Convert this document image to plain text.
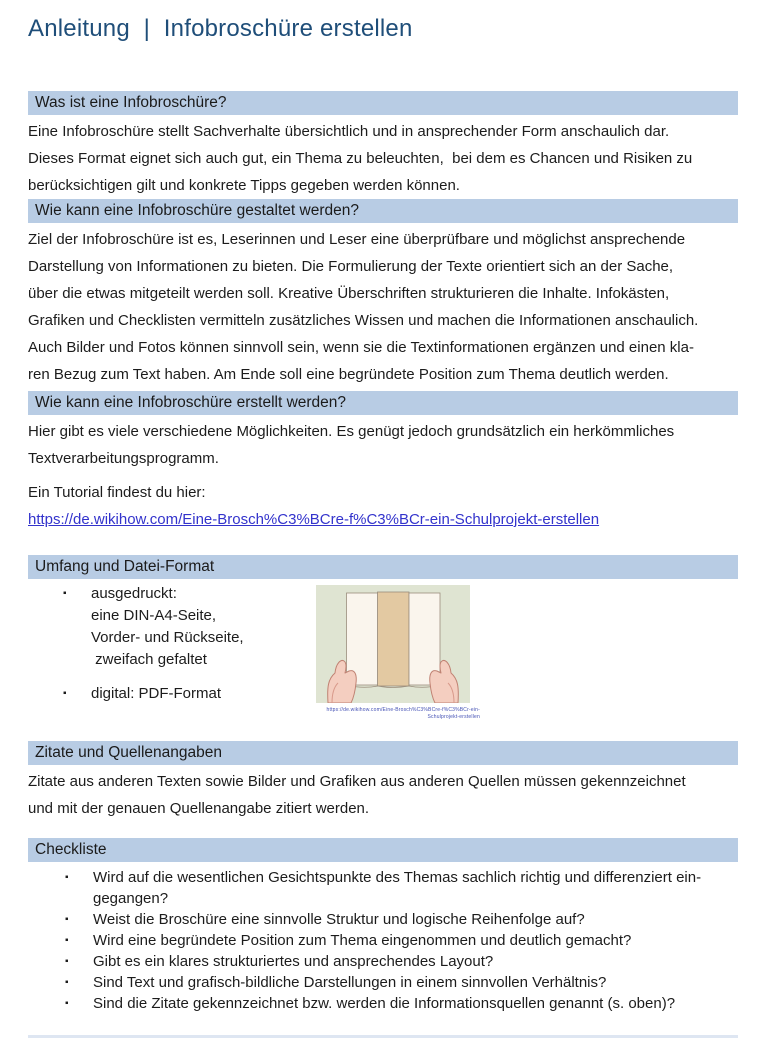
Anleitung  |  Infobroschüre erstellen
Was ist eine Infobroschüre?
Eine Infobroschüre stellt Sachverhalte übersichtlich und in ansprechender Form anschaulich dar.
Dieses Format eignet sich auch gut, ein Thema zu beleuchten,  bei dem es Chancen und Risiken zu
berücksichtigen gilt und konkrete Tipps gegeben werden können.
Wie kann eine Infobroschüre gestaltet werden?
Ziel der Infobroschüre ist es, Leserinnen und Leser eine überprüfbare und möglichst ansprechende
Darstellung von Informationen zu bieten. Die Formulierung der Texte orientiert sich an der Sache,
über die etwas mitgeteilt werden soll. Kreative Überschriften strukturieren die Inhalte. Infokästen,
Grafiken und Checklisten vermitteln zusätzliches Wissen und machen die Informationen anschaulich.
Auch Bilder und Fotos können sinnvoll sein, wenn sie die Textinformationen ergänzen und einen kla-
ren Bezug zum Text haben. Am Ende soll eine begründete Position zum Thema deutlich werden.
Wie kann eine Infobroschüre erstellt werden?
Hier gibt es viele verschiedene Möglichkeiten. Es genügt jedoch grundsätzlich ein herkömmliches
Textverarbeitungsprogramm.
Ein Tutorial findest du hier:
https://de.wikihow.com/Eine-Brosch%C3%BCre-f%C3%BCr-ein-Schulprojekt-erstellen
Umfang und Datei-Format
▪	ausgedruckt:
eine DIN-A4-Seite,
Vorder- und Rückseite,
zweifach gefaltet
▪	digital: PDF-Format
https://de.wikihow.com/Eine-Brosch%C3%BCre-f%C3%BCr-ein-
Schulprojekt-erstellen
Zitate und Quellenangaben
Zitate aus anderen Texten sowie Bilder und Grafiken aus anderen Quellen müssen gekennzeichnet
und mit der genauen Quellenangabe zitiert werden.
Checkliste
▪	Wird auf die wesentlichen Gesichtspunkte des Themas sachlich richtig und differenziert ein-
gegangen?
▪	Weist die Broschüre eine sinnvolle Struktur und logische Reihenfolge auf?
▪	Wird eine begründete Position zum Thema eingenommen und deutlich gemacht?
▪	Gibt es ein klares strukturiertes und ansprechendes Layout?
▪	Sind Text und grafisch-bildliche Darstellungen in einem sinnvollen Verhältnis?
▪	Sind die Zitate gekennzeichnet bzw. werden die Informationsquellen genannt (s. oben)?
